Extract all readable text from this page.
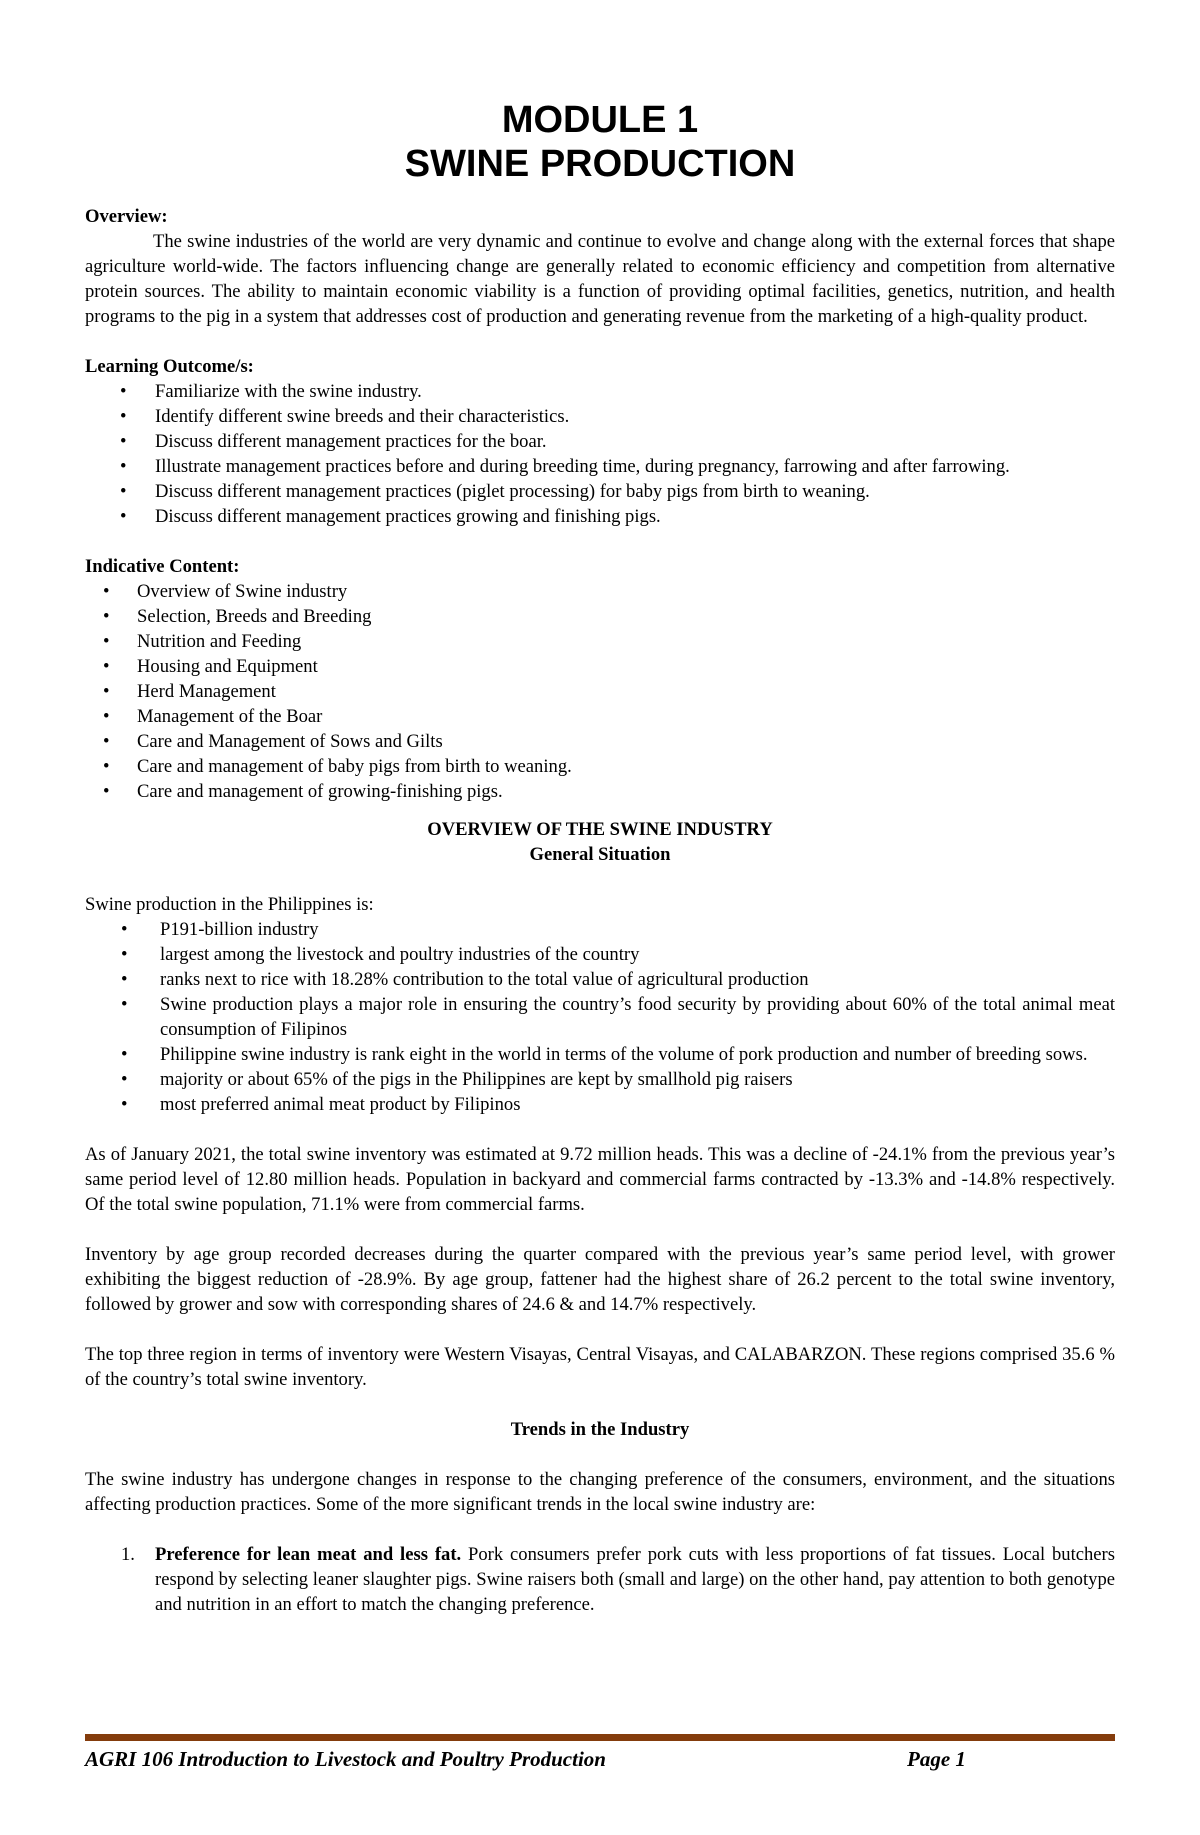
MODULE 1
SWINE PRODUCTION

Overview:

The swine industries of the world are very dynamic and continue to evolve and change along with the external forces that shape agriculture world-wide. The factors influencing change are generally related to economic efficiency and competition from alternative protein sources. The ability to maintain economic viability is a function of providing optimal facilities, genetics, nutrition, and health programs to the pig in a system that addresses cost of production and generating revenue from the marketing of a high-quality product.

Learning Outcome/s:

• Familiarize with the swine industry.
• Identify different swine breeds and their characteristics.
• Discuss different management practices for the boar.
• Illustrate management practices before and during breeding time, during pregnancy, farrowing and after farrowing.
• Discuss different management practices (piglet processing) for baby pigs from birth to weaning.
• Discuss different management practices growing and finishing pigs.

Indicative Content:

• Overview of Swine industry
• Selection, Breeds and Breeding
• Nutrition and Feeding
• Housing and Equipment
• Herd Management
• Management of the Boar
• Care and Management of Sows and Gilts
• Care and management of baby pigs from birth to weaning.
• Care and management of growing-finishing pigs.

OVERVIEW OF THE SWINE INDUSTRY

General Situation

Swine production in the Philippines is:

• P191-billion industry
• largest among the livestock and poultry industries of the country
• ranks next to rice with 18.28% contribution to the total value of agricultural production
• Swine production plays a major role in ensuring the country’s food security by providing about 60% of the total animal meat consumption of Filipinos
• Philippine swine industry is rank eight in the world in terms of the volume of pork production and number of breeding sows.
• majority or about 65% of the pigs in the Philippines are kept by smallhold pig raisers
• most preferred animal meat product by Filipinos

As of January 2021, the total swine inventory was estimated at 9.72 million heads. This was a decline of -24.1% from the previous year’s same period level of 12.80 million heads. Population in backyard and commercial farms contracted by -13.3% and -14.8% respectively. Of the total swine population, 71.1% were from commercial farms.

Inventory by age group recorded decreases during the quarter compared with the previous year’s same period level, with grower exhibiting the biggest reduction of -28.9%. By age group, fattener had the highest share of 26.2 percent to the total swine inventory, followed by grower and sow with corresponding shares of 24.6 & and 14.7% respectively.

The top three region in terms of inventory were Western Visayas, Central Visayas, and CALABARZON. These regions comprised 35.6 % of the country’s total swine inventory.

Trends in the Industry

The swine industry has undergone changes in response to the changing preference of the consumers, environment, and the situations affecting production practices. Some of the more significant trends in the local swine industry are:

1. Preference for lean meat and less fat. Pork consumers prefer pork cuts with less proportions of fat tissues. Local butchers respond by selecting leaner slaughter pigs. Swine raisers both (small and large) on the other hand, pay attention to both genotype and nutrition in an effort to match the changing preference.
AGRI 106 Introduction to Livestock and Poultry Production	Page 1
